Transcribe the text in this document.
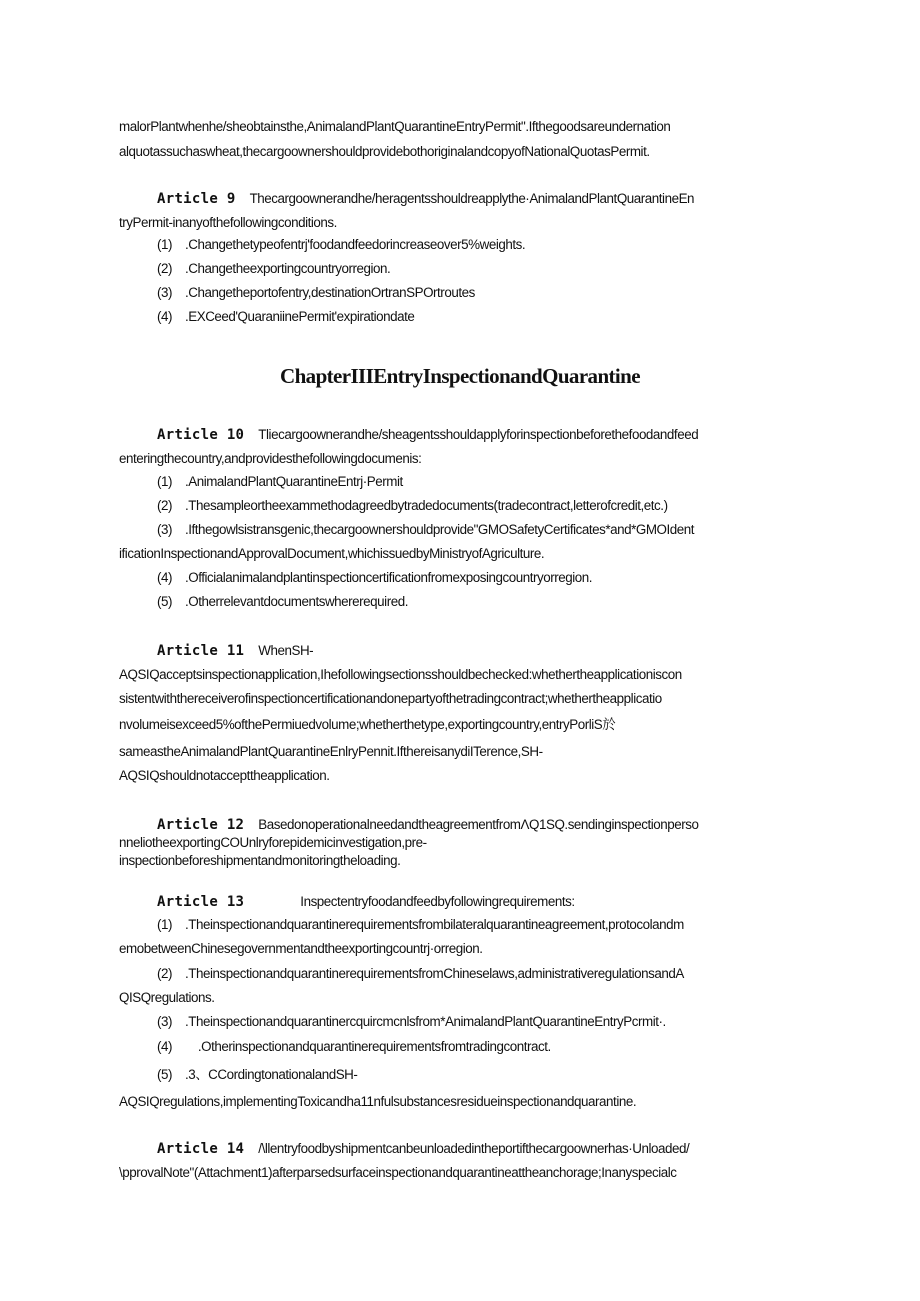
malorPlantwhenhe/sheobtainsthe,AnimalandPlantQuarantineEntryPermit".Ifthegoodsareundernation
alquotassuchaswheat,thecargoownershouldprovidebothoriginalandcopyofNationalQuotasPermit.
Article 9 Thecargoownerandhe/heragentsshouldreapplythe·AnimalandPlantQuarantineEn
tryPermit-inanyofthefollowingconditions.
(1) .Changethetypeofentrj'foodandfeedorincreaseover5%weights.
(2) .Changetheexportingcountryorregion.
(3) .Changetheportofentry,destinationOrtranSPOrtroutes
(4) .EXCeed'QuaraniinePermit'expirationdate
ChapterIIIEntryInspectionandQuarantine
Article 10 Tliecargoownerandhe/sheagentsshouldapplyforinspectionbeforethefoodandfeed
enteringthecountry,andprovidesthefollowingdocumenis:
(1) .AnimalandPlantQuarantineEntrj·Permit
(2) .Thesampleortheexammethodagreedbytradedocuments(tradecontract,letterofcredit,etc.)
(3) .Ifthegowlsistransgenic,thecargoownershouldprovide"GMOSafetyCertificates*and*GMOIdent
ificationInspectionandApprovalDocument,whichissuedbyMinistryofAgriculture.
(4) .Officialanimalandplantinspectioncertificationfromexposingcountryorregion.
(5) .Otherrelevantdocumentswhererequired.
Article 11 WhenSH-
AQSIQacceptsinspectionapplication,Ihefollowingsectionsshouldbechecked:whethertheapplicationiscon
sistentwiththereceiverofinspectioncertificationandonepartyofthetradingcontract;whethertheapplicatio
nvolumeisexceed5%ofthePermiuedvolume;whetherthetype,exportingcountry,entryPorliS於
sameastheAnimalandPlantQuarantineEnlryPennit.IfthereisanydiITerence,SH-
AQSIQshouldnotaccepttheapplication.
Article 12 BasedonoperationalneedandtheagreementfromΛQ1SQ.sendinginspectionperso
nneliotheexportingCOUnlryforepidemicinvestigation,pre-
inspectionbeforeshipmentandmonitoringtheloading.
Article 13	Inspectentryfoodandfeedbyfollowingrequirements:
(1) .Theinspectionandquarantinerequirementsfrombilateralquarantineagreement,protocolandm
emobetweenChinesegovernmentandtheexportingcountrj·orregion.
(2) .TheinspectionandquarantinerequirementsfromChineselaws,administrativeregulationsandA
QISQregulations.
(3) .Theinspectionandquarantinercquircmcnlsfrom*AnimalandPlantQuarantineEntryPcrmit·.
(4)  .Otherinspectionandquarantinerequirementsfromtradingcontract.
(5) .3、CCordingtonationalandSH-
AQSIQregulations,implementingToxicandha11nfulsubstancesresidueinspectionandquarantine.
Article 14 /\llentryfoodbyshipmentcanbeunloadedintheportifthecargoownerhas·Unloaded/
\pprovalNote"(Attachment1)afterparsedsurfaceinspectionandquarantineattheanchorage;Inanyspecialc
